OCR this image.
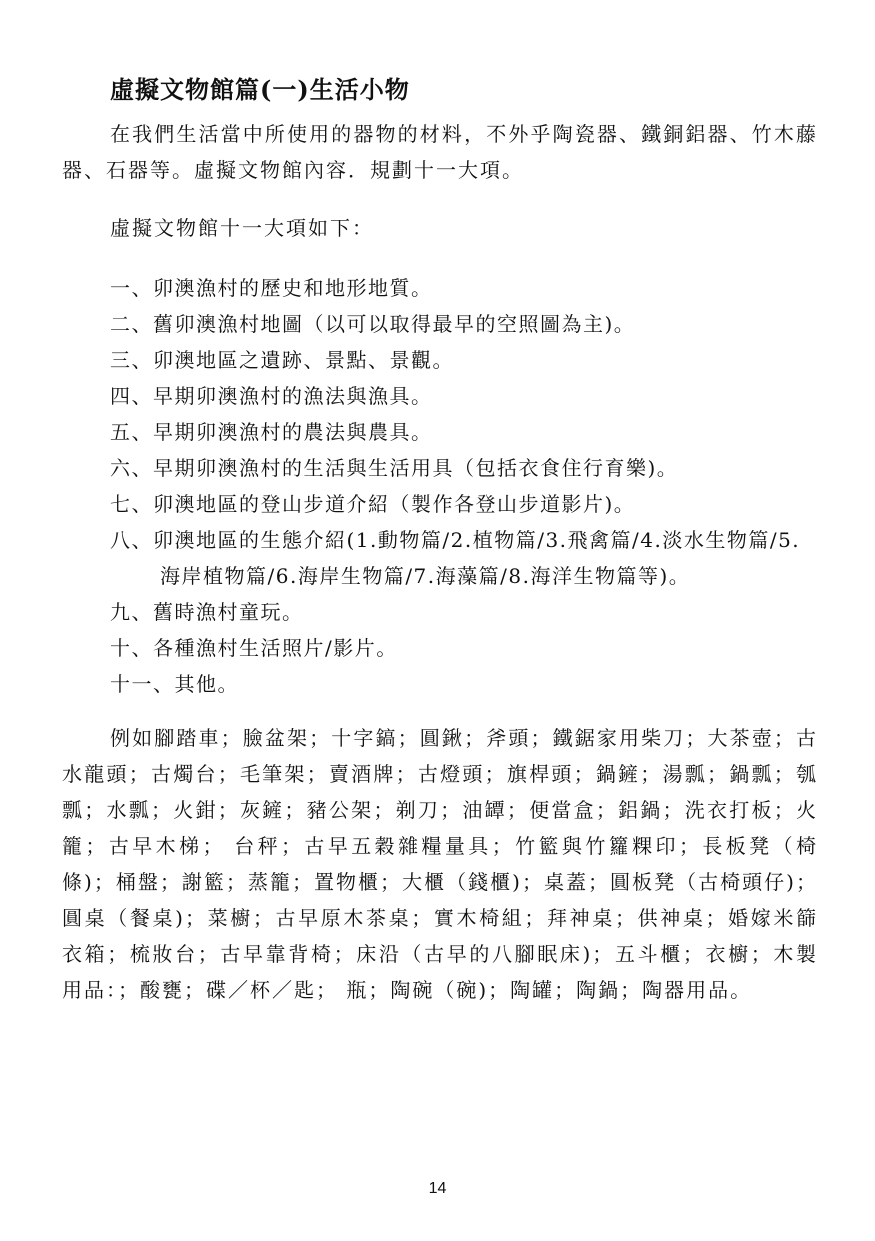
虛擬文物館篇(一)生活小物
在我們生活當中所使用的器物的材料，不外乎陶瓷器、鐵銅鋁器、竹木藤器、石器等。虛擬文物館內容．規劃十一大項。
虛擬文物館十一大項如下：
一、卯澳漁村的歷史和地形地質。
二、舊卯澳漁村地圖（以可以取得最早的空照圖為主)。
三、卯澳地區之遺跡、景點、景觀。
四、早期卯澳漁村的漁法與漁具。
五、早期卯澳漁村的農法與農具。
六、早期卯澳漁村的生活與生活用具（包括衣食住行育樂)。
七、卯澳地區的登山步道介紹（製作各登山步道影片)。
八、卯澳地區的生態介紹(1.動物篇/2.植物篇/3.飛禽篇/4.淡水生物篇/5.海岸植物篇/6.海岸生物篇/7.海藻篇/8.海洋生物篇等)。
九、舊時漁村童玩。
十、各種漁村生活照片/影片。
十一、其他。
例如腳踏車；臉盆架；十字鎬；圓鍬；斧頭；鐵鋸家用柴刀；大茶壺；古水龍頭；古燭台；毛筆架；賣酒牌；古燈頭；旗桿頭；鍋鏟；湯瓢；鍋瓢；瓠瓢；水瓢；火鉗；灰鏟；豬公架；剃刀；油罈；便當盒；鋁鍋；洗衣打板；火籠；古早木梯； 台秤；古早五穀雜糧量具；竹籃與竹籮粿印；長板凳（椅條)；桶盤；謝籃；蒸籠；置物櫃；大櫃（錢櫃)；桌蓋；圓板凳（古椅頭仔)；圓桌（餐桌)；菜櫥；古早原木茶桌；實木椅組；拜神桌；供神桌；婚嫁米篩衣箱；梳妝台；古早靠背椅；床沿（古早的八腳眠床)；五斗櫃；衣櫥；木製用品：；酸甕；碟／杯／匙； 瓶；陶碗（碗)；陶罐；陶鍋；陶器用品。
14
